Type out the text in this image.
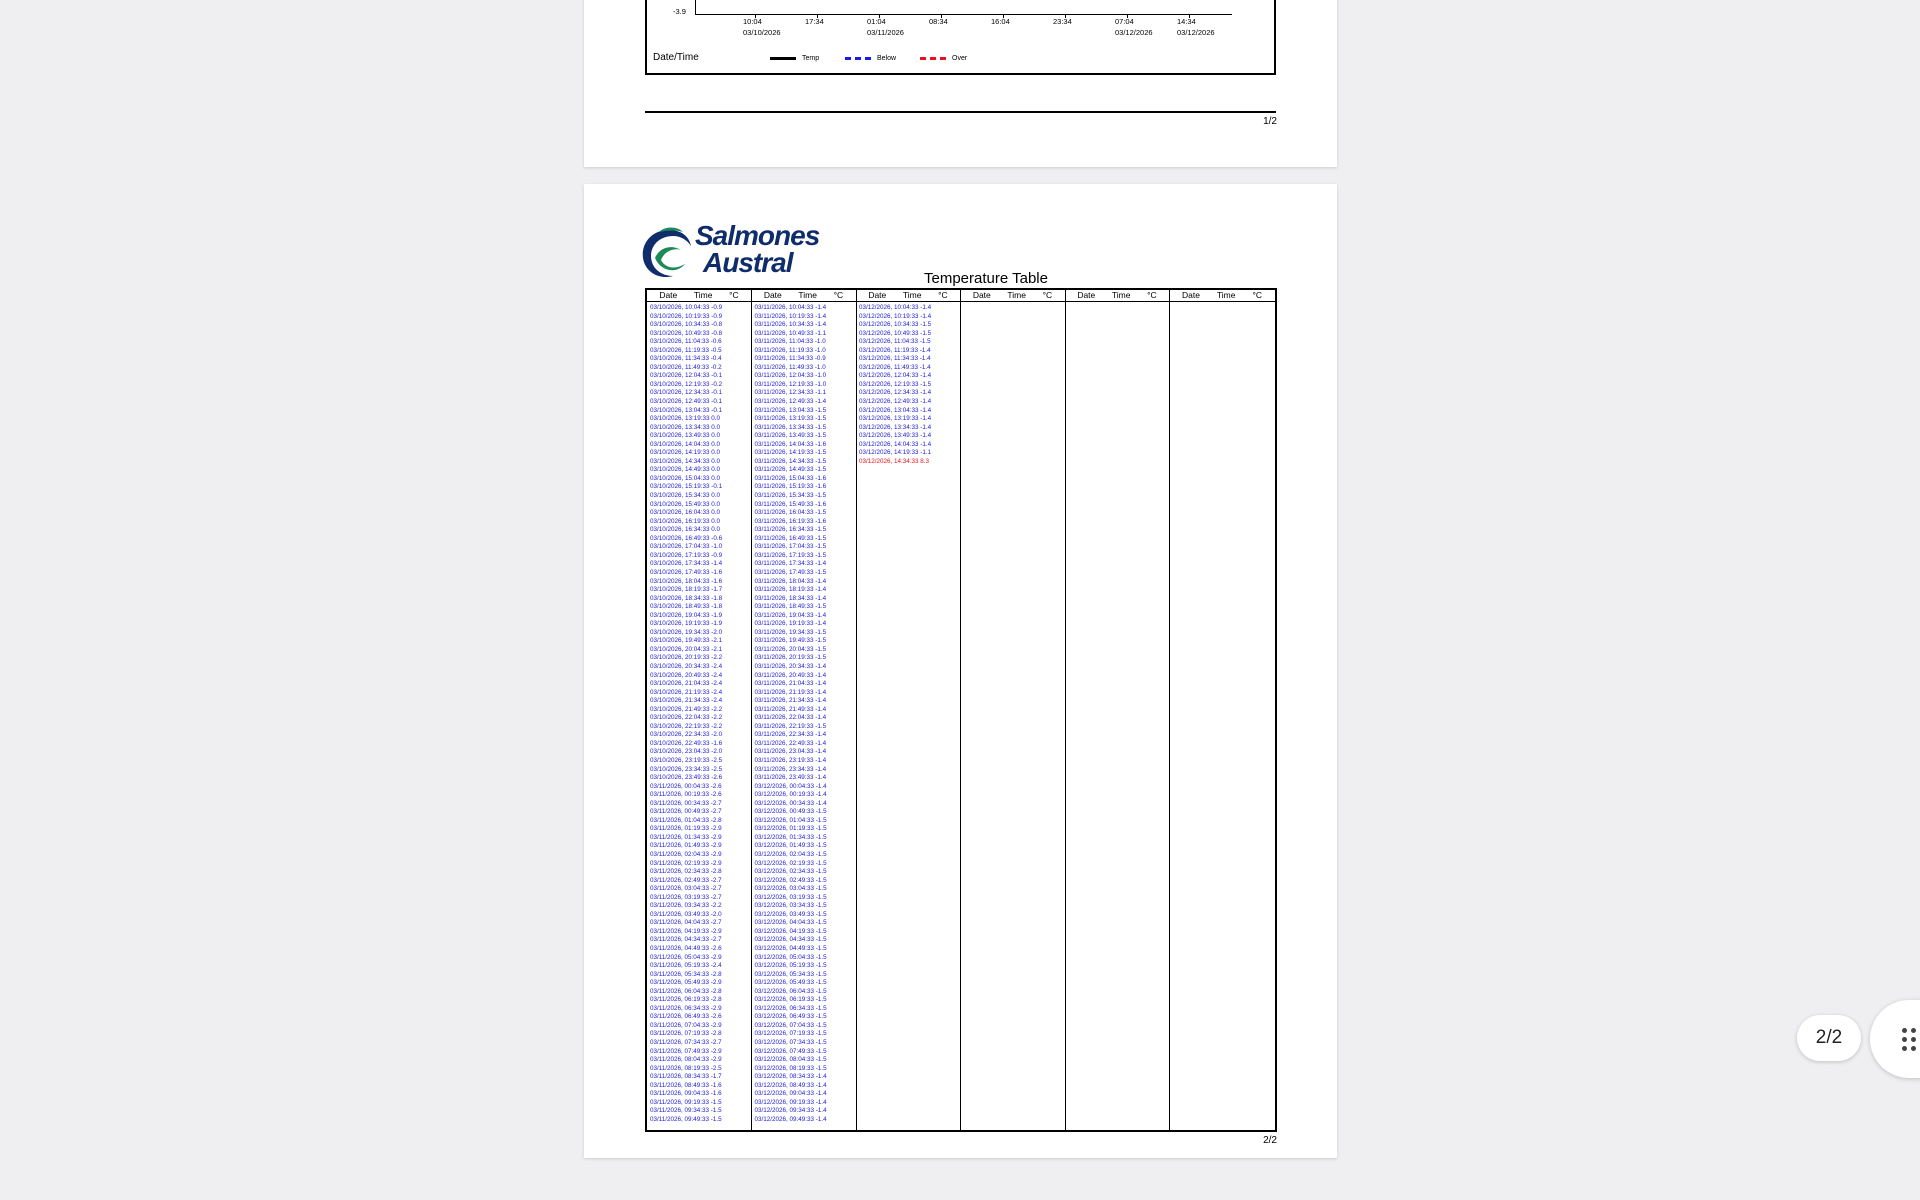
-3.9
Date/Time	Temp	Below	Over
10:04
03/10/2026
17:34	01:04
03/11/2026
08:34	16:04	23:34	07:04
03/12/2026
14:34
03/12/2026
1/2
Salmones
Austral
Temperature Table
Date Time °C
03/10/2026, 10:04:33 -0.9
03/10/2026, 10:19:33 -0.9
03/10/2026, 10:34:33 -0.8
03/10/2026, 10:49:33 -0.8
03/10/2026, 11:04:33 -0.6
03/10/2026, 11:19:33 -0.5
03/10/2026, 11:34:33 -0.4
03/10/2026, 11:49:33 -0.2
03/10/2026, 12:04:33 -0.1
03/10/2026, 12:19:33 -0.2
03/10/2026, 12:34:33 -0.1
03/10/2026, 12:49:33 -0.1
03/10/2026, 13:04:33 -0.1
03/10/2026, 13:19:33 0.0
03/10/2026, 13:34:33 0.0
03/10/2026, 13:49:33 0.0
03/10/2026, 14:04:33 0.0
03/10/2026, 14:19:33 0.0
03/10/2026, 14:34:33 0.0
03/10/2026, 14:49:33 0.0
03/10/2026, 15:04:33 0.0
03/10/2026, 15:19:33 -0.1
03/10/2026, 15:34:33 0.0
03/10/2026, 15:49:33 0.0
03/10/2026, 16:04:33 0.0
03/10/2026, 16:19:33 0.0
03/10/2026, 16:34:33 0.0
03/10/2026, 16:49:33 -0.6
03/10/2026, 17:04:33 -1.0
03/10/2026, 17:19:33 -0.9
03/10/2026, 17:34:33 -1.4
03/10/2026, 17:49:33 -1.6
03/10/2026, 18:04:33 -1.6
03/10/2026, 18:19:33 -1.7
03/10/2026, 18:34:33 -1.8
03/10/2026, 18:49:33 -1.8
03/10/2026, 19:04:33 -1.9
03/10/2026, 19:19:33 -1.9
03/10/2026, 19:34:33 -2.0
03/10/2026, 19:49:33 -2.1
03/10/2026, 20:04:33 -2.1
03/10/2026, 20:19:33 -2.2
03/10/2026, 20:34:33 -2.4
03/10/2026, 20:49:33 -2.4
03/10/2026, 21:04:33 -2.4
03/10/2026, 21:19:33 -2.4
03/10/2026, 21:34:33 -2.4
03/10/2026, 21:49:33 -2.2
03/10/2026, 22:04:33 -2.2
03/10/2026, 22:19:33 -2.2
03/10/2026, 22:34:33 -2.0
03/10/2026, 22:49:33 -1.6
03/10/2026, 23:04:33 -2.0
03/10/2026, 23:19:33 -2.5
03/10/2026, 23:34:33 -2.5
03/10/2026, 23:49:33 -2.6
03/11/2026, 00:04:33 -2.6
03/11/2026, 00:19:33 -2.6
03/11/2026, 00:34:33 -2.7
03/11/2026, 00:49:33 -2.7
03/11/2026, 01:04:33 -2.8
03/11/2026, 01:19:33 -2.9
03/11/2026, 01:34:33 -2.9
03/11/2026, 01:49:33 -2.9
03/11/2026, 02:04:33 -2.9
03/11/2026, 02:19:33 -2.9
03/11/2026, 02:34:33 -2.8
03/11/2026, 02:49:33 -2.7
03/11/2026, 03:04:33 -2.7
03/11/2026, 03:19:33 -2.7
03/11/2026, 03:34:33 -2.2
03/11/2026, 03:49:33 -2.0
03/11/2026, 04:04:33 -2.7
03/11/2026, 04:19:33 -2.9
03/11/2026, 04:34:33 -2.7
03/11/2026, 04:49:33 -2.6
03/11/2026, 05:04:33 -2.9
03/11/2026, 05:19:33 -2.4
03/11/2026, 05:34:33 -2.8
03/11/2026, 05:49:33 -2.9
03/11/2026, 06:04:33 -2.8
03/11/2026, 06:19:33 -2.8
03/11/2026, 06:34:33 -2.9
03/11/2026, 06:49:33 -2.6
03/11/2026, 07:04:33 -2.9
03/11/2026, 07:19:33 -2.8
03/11/2026, 07:34:33 -2.7
03/11/2026, 07:49:33 -2.9
03/11/2026, 08:04:33 -2.9
03/11/2026, 08:19:33 -2.5
03/11/2026, 08:34:33 -1.7
03/11/2026, 08:49:33 -1.6
03/11/2026, 09:04:33 -1.6
03/11/2026, 09:19:33 -1.5
03/11/2026, 09:34:33 -1.5
03/11/2026, 09:49:33 -1.5
Date Time °C
03/11/2026, 10:04:33 -1.4
03/11/2026, 10:19:33 -1.4
03/11/2026, 10:34:33 -1.4
03/11/2026, 10:49:33 -1.1
03/11/2026, 11:04:33 -1.0
03/11/2026, 11:19:33 -1.0
03/11/2026, 11:34:33 -0.9
03/11/2026, 11:49:33 -1.0
03/11/2026, 12:04:33 -1.0
03/11/2026, 12:19:33 -1.0
03/11/2026, 12:34:33 -1.1
03/11/2026, 12:49:33 -1.4
03/11/2026, 13:04:33 -1.5
03/11/2026, 13:19:33 -1.5
03/11/2026, 13:34:33 -1.5
03/11/2026, 13:49:33 -1.5
03/11/2026, 14:04:33 -1.6
03/11/2026, 14:19:33 -1.5
03/11/2026, 14:34:33 -1.5
03/11/2026, 14:49:33 -1.5
03/11/2026, 15:04:33 -1.6
03/11/2026, 15:19:33 -1.6
03/11/2026, 15:34:33 -1.5
03/11/2026, 15:49:33 -1.6
03/11/2026, 16:04:33 -1.5
03/11/2026, 16:19:33 -1.6
03/11/2026, 16:34:33 -1.5
03/11/2026, 16:49:33 -1.5
03/11/2026, 17:04:33 -1.5
03/11/2026, 17:19:33 -1.5
03/11/2026, 17:34:33 -1.4
03/11/2026, 17:49:33 -1.5
03/11/2026, 18:04:33 -1.4
03/11/2026, 18:19:33 -1.4
03/11/2026, 18:34:33 -1.4
03/11/2026, 18:49:33 -1.5
03/11/2026, 19:04:33 -1.4
03/11/2026, 19:19:33 -1.4
03/11/2026, 19:34:33 -1.5
03/11/2026, 19:49:33 -1.5
03/11/2026, 20:04:33 -1.5
03/11/2026, 20:19:33 -1.5
03/11/2026, 20:34:33 -1.4
03/11/2026, 20:49:33 -1.4
03/11/2026, 21:04:33 -1.4
03/11/2026, 21:19:33 -1.4
03/11/2026, 21:34:33 -1.4
03/11/2026, 21:49:33 -1.4
03/11/2026, 22:04:33 -1.4
03/11/2026, 22:19:33 -1.5
03/11/2026, 22:34:33 -1.4
03/11/2026, 22:49:33 -1.4
03/11/2026, 23:04:33 -1.4
03/11/2026, 23:19:33 -1.4
03/11/2026, 23:34:33 -1.4
03/11/2026, 23:49:33 -1.4
03/12/2026, 00:04:33 -1.4
03/12/2026, 00:19:33 -1.4
03/12/2026, 00:34:33 -1.4
03/12/2026, 00:49:33 -1.5
03/12/2026, 01:04:33 -1.5
03/12/2026, 01:19:33 -1.5
03/12/2026, 01:34:33 -1.5
03/12/2026, 01:49:33 -1.5
03/12/2026, 02:04:33 -1.5
03/12/2026, 02:19:33 -1.5
03/12/2026, 02:34:33 -1.5
03/12/2026, 02:49:33 -1.5
03/12/2026, 03:04:33 -1.5
03/12/2026, 03:19:33 -1.5
03/12/2026, 03:34:33 -1.5
03/12/2026, 03:49:33 -1.5
03/12/2026, 04:04:33 -1.5
03/12/2026, 04:19:33 -1.5
03/12/2026, 04:34:33 -1.5
03/12/2026, 04:49:33 -1.5
03/12/2026, 05:04:33 -1.5
03/12/2026, 05:19:33 -1.5
03/12/2026, 05:34:33 -1.5
03/12/2026, 05:49:33 -1.5
03/12/2026, 06:04:33 -1.5
03/12/2026, 06:19:33 -1.5
03/12/2026, 06:34:33 -1.5
03/12/2026, 06:49:33 -1.5
03/12/2026, 07:04:33 -1.5
03/12/2026, 07:19:33 -1.5
03/12/2026, 07:34:33 -1.5
03/12/2026, 07:49:33 -1.5
03/12/2026, 08:04:33 -1.5
03/12/2026, 08:19:33 -1.5
03/12/2026, 08:34:33 -1.4
03/12/2026, 08:49:33 -1.4
03/12/2026, 09:04:33 -1.4
03/12/2026, 09:19:33 -1.4
03/12/2026, 09:34:33 -1.4
03/12/2026, 09:49:33 -1.4
Date Time °C
03/12/2026, 10:04:33 -1.4
03/12/2026, 10:19:33 -1.4
03/12/2026, 10:34:33 -1.5
03/12/2026, 10:49:33 -1.5
03/12/2026, 11:04:33 -1.5
03/12/2026, 11:19:33 -1.4
03/12/2026, 11:34:33 -1.4
03/12/2026, 11:49:33 -1.4
03/12/2026, 12:04:33 -1.4
03/12/2026, 12:19:33 -1.5
03/12/2026, 12:34:33 -1.4
03/12/2026, 12:49:33 -1.4
03/12/2026, 13:04:33 -1.4
03/12/2026, 13:19:33 -1.4
03/12/2026, 13:34:33 -1.4
03/12/2026, 13:49:33 -1.4
03/12/2026, 14:04:33 -1.4
03/12/2026, 14:19:33 -1.1
03/12/2026, 14:34:33 8.3
Date Time °C	Date Time °C	Date Time °C
2/2
2/2
